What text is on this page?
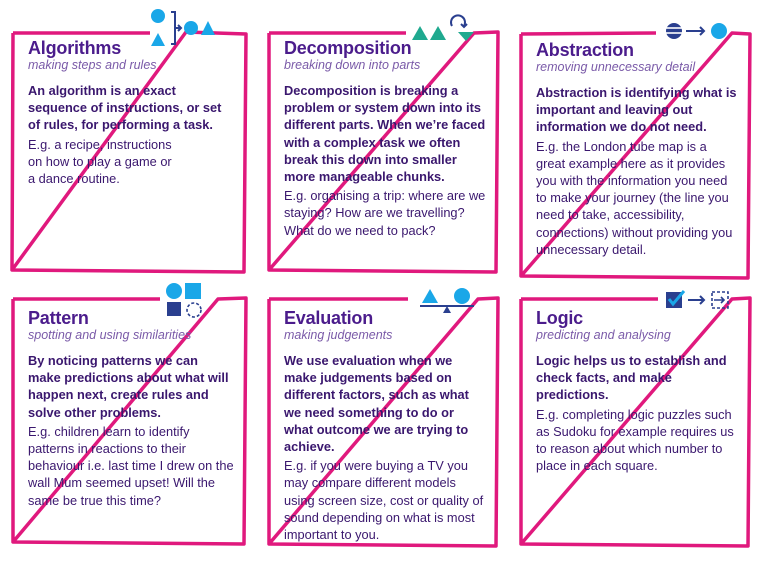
Algorithms

making steps and rules

An algorithm is an exact sequence of instructions, or set of rules, for performing a task.

E.g. a recipe, instructions

on how to play a game or

a dance routine.

Decomposition

breaking down into parts

Decomposition is breaking a problem or system down into its different parts. When we’re faced with a complex task we often break this down into smaller more manageable chunks.

E.g. organising a trip: where are we staying? How are we travelling? What do we need to pack?

Abstraction

removing unnecessary detail

Abstraction is identifying what is important and leaving out information we do not need.

E.g. the London tube map is a great example here as it provides you with the information you need to make your journey (the line you need to take, accessibility, connections) without providing you unnecessary detail.

Pattern

spotting and using similarities

By noticing patterns we can make predictions about what will happen next, create rules and solve other problems.

E.g. children learn to identify patterns in reactions to their behaviour i.e. last time I drew on the wall Mum seemed upset! Will the same be true this time?

Evaluation

making judgements

We use evaluation when we make judgements based on different factors, such as what we need something to do or what outcome we are trying to achieve.

E.g. if you were buying a TV you may compare different models using screen size, cost or quality of sound depending on what is most important to you.

Logic

predicting and analysing

Logic helps us to establish and check facts, and make predictions.

E.g. completing logic puzzles such as Sudoku for example requires us to reason about which number to place in each square.
